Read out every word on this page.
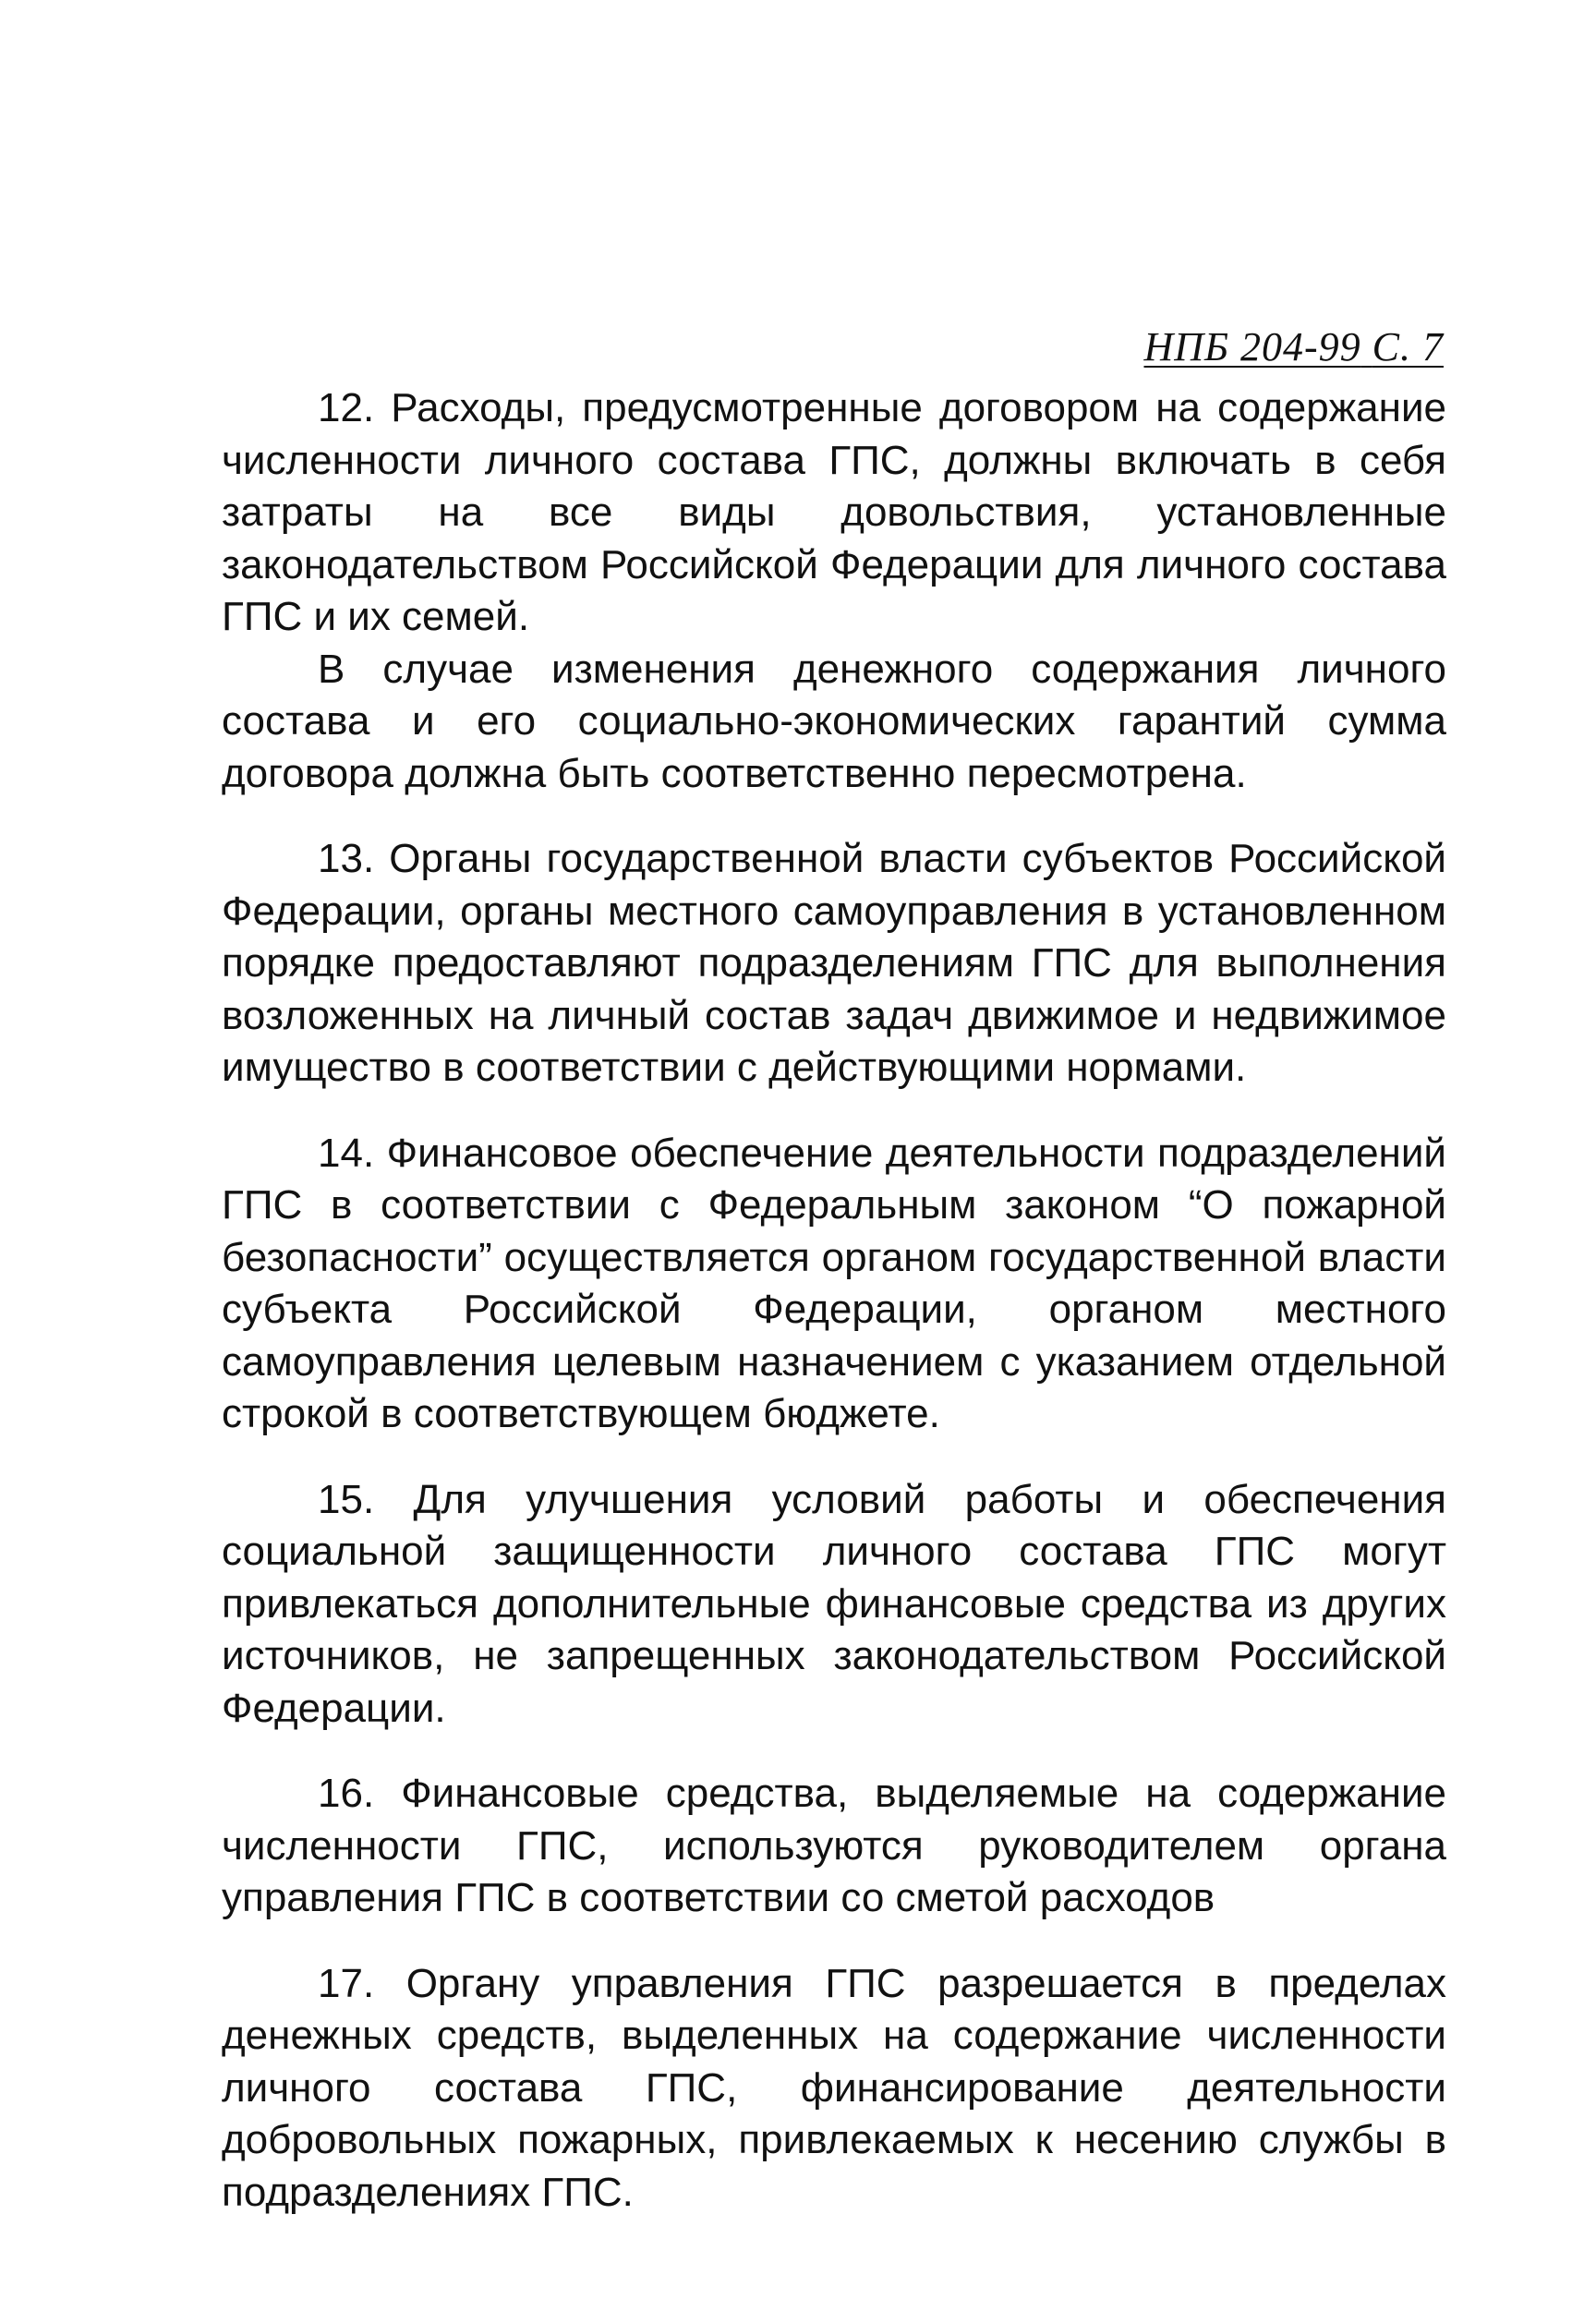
НПБ 204-99 С. 7

12. Расходы, предусмотренные договором на содержание численности личного состава ГПС, должны включать в себя затраты на все виды довольствия, установленные законодательством Российской Федерации для личного состава ГПС и их семей.

В случае изменения денежного содержания личного состава и его социально-экономических гарантий сумма договора должна быть соответственно пересмотрена.

13. Органы государственной власти субъектов Российской Федерации, органы местного самоуправления в установленном порядке предоставляют подразделениям ГПС для выполнения возложенных на личный состав задач движимое и недвижимое имущество в соответствии с действующими нормами.

14. Финансовое обеспечение деятельности подразделений ГПС в соответствии с Федеральным законом “О пожарной безопасности” осуществляется органом государственной власти субъекта Российской Федерации, органом местного самоуправления целевым назначением с указанием отдельной строкой в соответствующем бюджете.

15. Для улучшения условий работы и обеспечения социальной защищенности личного состава ГПС могут привлекаться дополнительные финансовые средства из других источников, не запрещенных законодательством Российской Федерации.

16. Финансовые средства, выделяемые на содержание численности ГПС, используются руководителем органа управления ГПС в соответствии со сметой расходов

17. Органу управления ГПС разрешается в пределах денежных средств, выделенных на содержание численности личного состава ГПС, финансирование деятельности добровольных пожарных, привлекаемых к несению службы в подразделениях ГПС.
